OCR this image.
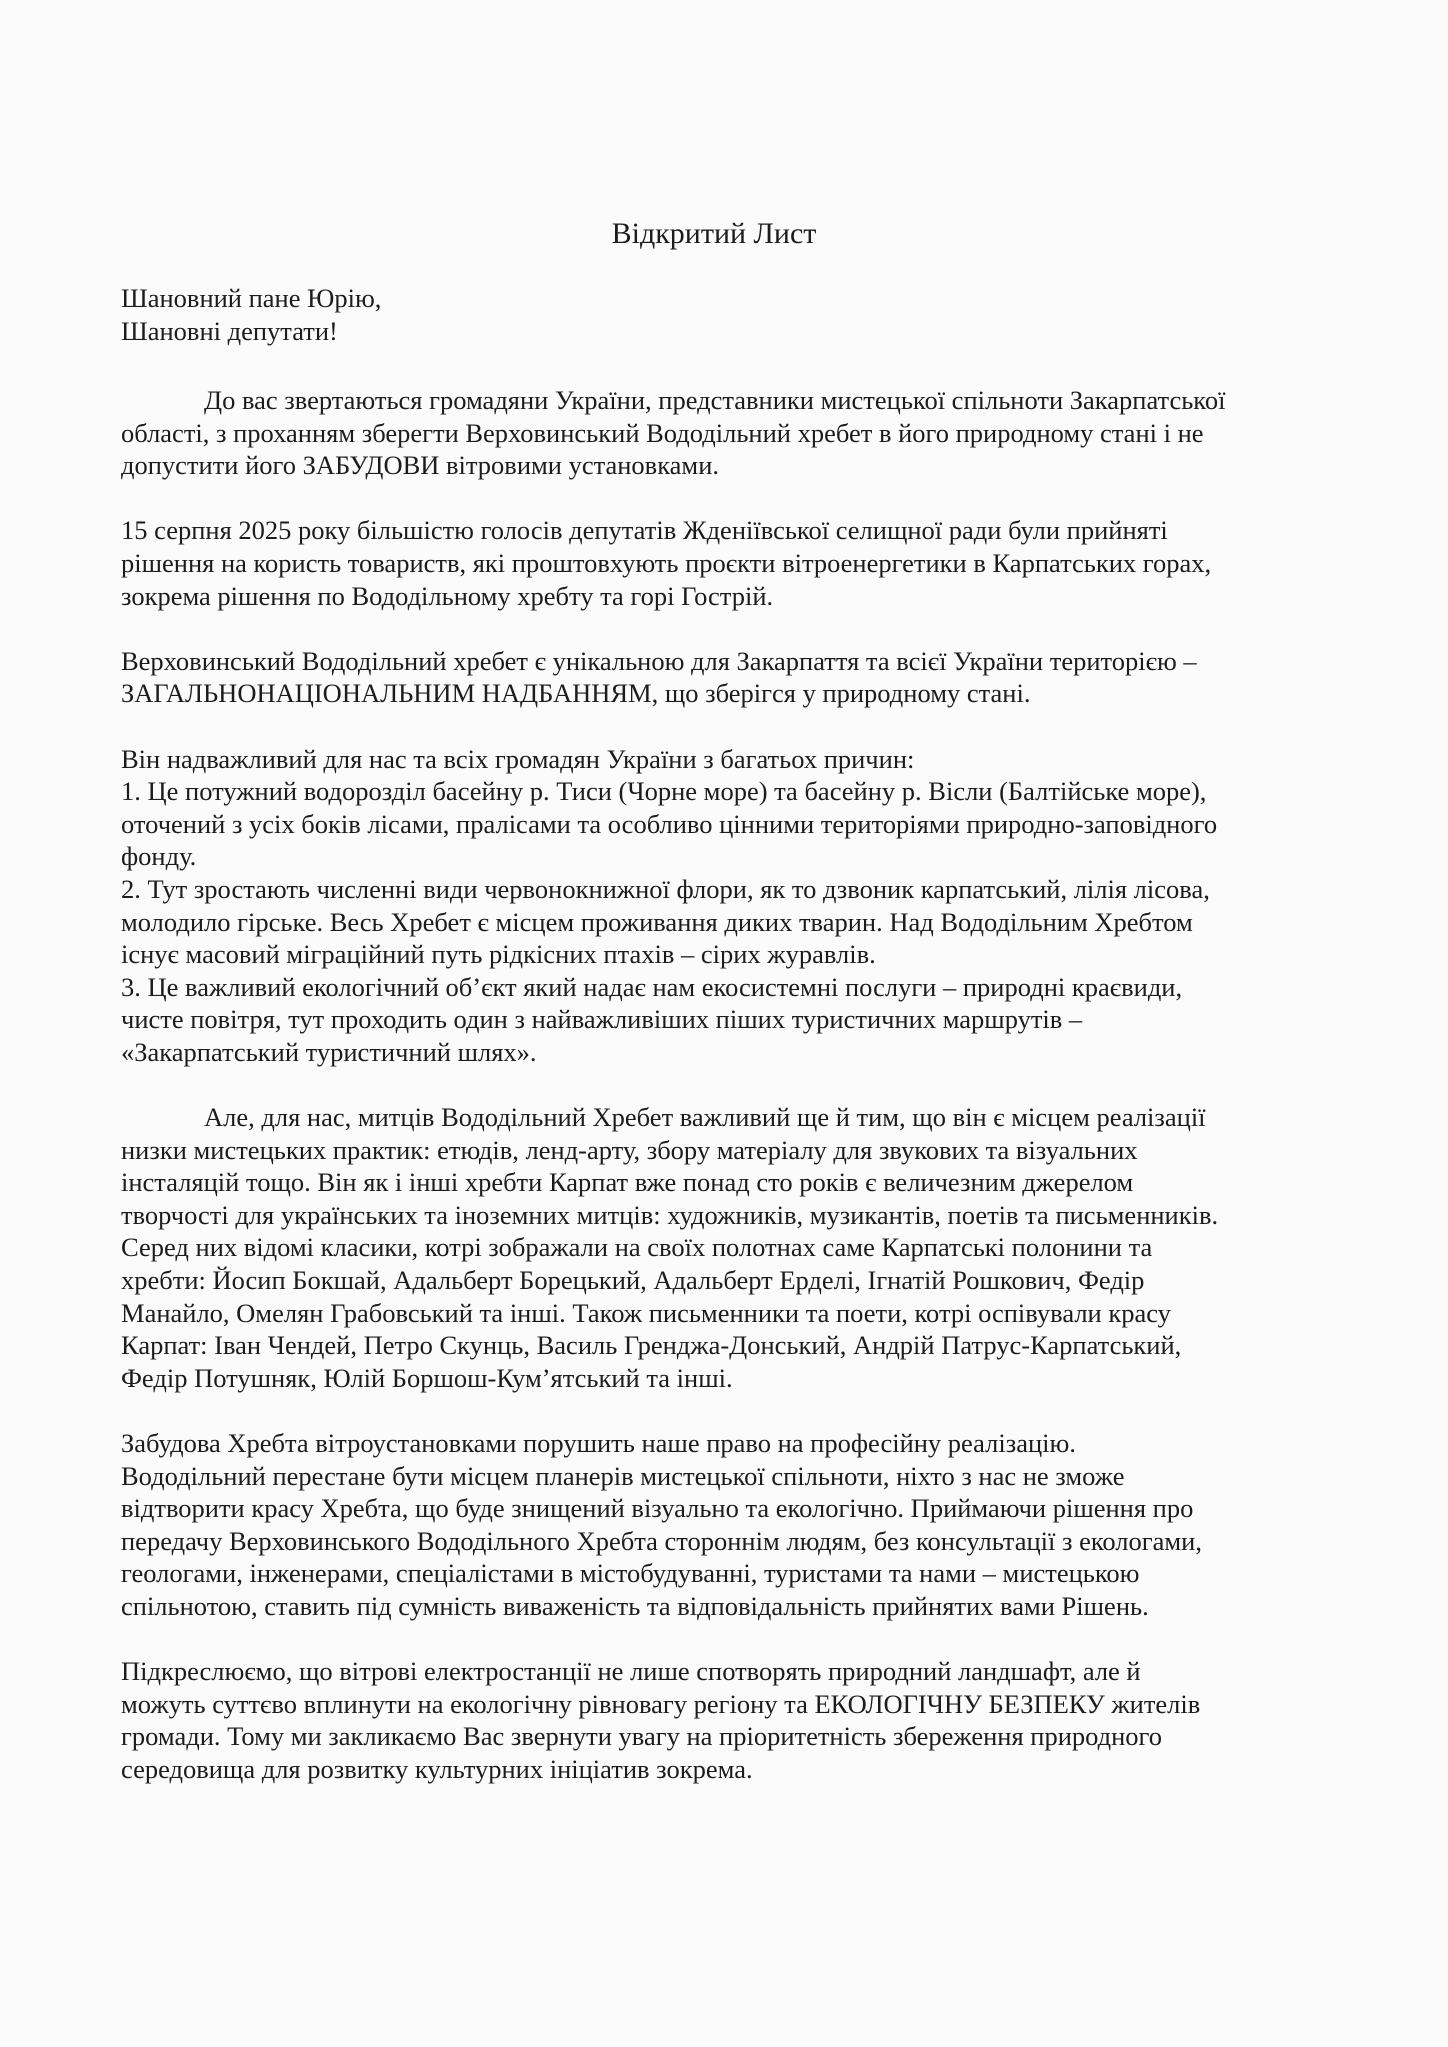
Відкритий Лист
Шановний пане Юрію,
Шановні депутати!
До вас звертаються громадяни України, представники мистецької спільноти Закарпатської
області, з проханням зберегти Верховинський Вододільний хребет в його природному стані і не
допустити його ЗАБУДОВИ вітровими установками.
15 серпня 2025 року більшістю голосів депутатів Жденіївської селищної ради були прийняті
рішення на користь товариств, які проштовхують проєкти вітроенергетики в Карпатських горах,
зокрема рішення по Вододільному хребту та горі Гострій.
Верховинський Вододільний хребет є унікальною для Закарпаття та всієї України територією –
ЗАГАЛЬНОНАЦІОНАЛЬНИМ НАДБАННЯМ, що зберігся у природному стані.
Він надважливий для нас та всіх громадян України з багатьох причин:
1. Це потужний водорозділ басейну р. Тиси (Чорне море) та басейну р. Вісли (Балтійське море),
оточений з усіх боків лісами, пралісами та особливо цінними територіями природно-заповідного
фонду.
2. Тут зростають численні види червонокнижної флори, як то дзвоник карпатський, лілія лісова,
молодило гірське. Весь Хребет є місцем проживання диких тварин. Над Вододільним Хребтом
існує масовий міграційний путь рідкісних птахів – сірих журавлів.
3. Це важливий екологічний об’єкт який надає нам екосистемні послуги – природні краєвиди,
чисте повітря, тут проходить один з найважливіших піших туристичних маршрутів –
«Закарпатський туристичний шлях».
Але, для нас, митців Вододільний Хребет важливий ще й тим, що він є місцем реалізації
низки мистецьких практик: етюдів, ленд-арту, збору матеріалу для звукових та візуальних
інсталяцій тощо. Він як і інші хребти Карпат вже понад сто років є величезним джерелом
творчості для українських та іноземних митців: художників, музикантів, поетів та письменників.
Серед них відомі класики, котрі зображали на своїх полотнах саме Карпатські полонини та
хребти: Йосип Бокшай, Адальберт Борецький, Адальберт Ерделі, Ігнатій Рошкович, Федір
Манайло, Омелян Грабовський та інші. Також письменники та поети, котрі оспівували красу
Карпат: Іван Чендей, Петро Скунць, Василь Гренджа-Донський, Андрій Патрус-Карпатський,
Федір Потушняк, Юлій Боршош-Кум’ятський та інші.
Забудова Хребта вітроустановками порушить наше право на професійну реалізацію.
Вододільний перестане бути місцем планерів мистецької спільноти, ніхто з нас не зможе
відтворити красу Хребта, що буде знищений візуально та екологічно. Приймаючи рішення про
передачу Верховинського Вододільного Хребта стороннім людям, без консультації з екологами,
геологами, інженерами, спеціалістами в містобудуванні, туристами та нами – мистецькою
спільнотою, ставить під сумність виваженість та відповідальність прийнятих вами Рішень.
Підкреслюємо, що вітрові електростанції не лише спотворять природний ландшафт, але й
можуть суттєво вплинути на екологічну рівновагу регіону та ЕКОЛОГІЧНУ БЕЗПЕКУ жителів
громади. Тому ми закликаємо Вас звернути увагу на пріоритетність збереження природного
середовища для розвитку культурних ініціатив зокрема.
